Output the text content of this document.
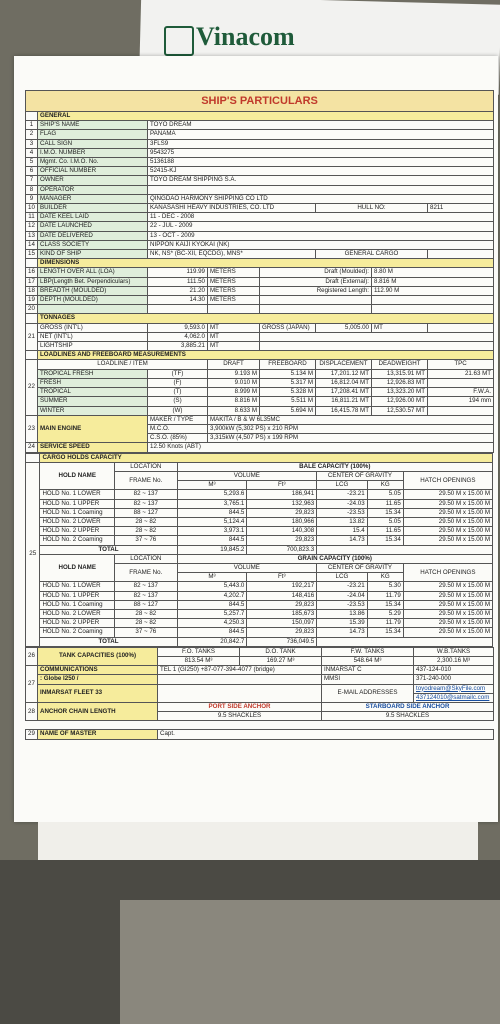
Vinacom
SHIP'S PARTICULARS							
	GENERAL						
1	SHIP'S NAME	TOYO DREAM					
2	FLAG	PANAMA					
3	CALL SIGN	3FLS9					
4	I.M.O. NUMBER	9543275					
5	Mgmt. Co. I.M.O. No.	5136188					
6	OFFICIAL NUMBER	52415-KJ					
7	OWNER	TOYO DREAM SHIPPING S.A.					
8	OPERATOR						
9	MANAGER	QINGDAO HARMONY SHIPPING CO LTD					
10	BUILDER	KANASASHI HEAVY INDUSTRIES, CO. LTD			HULL NO:		8211
11	DATE KEEL LAID	11 - DEC - 2008					
12	DATE LAUNCHED	22 - JUL - 2009					
13	DATE DELIVERED	13 - OCT - 2009					
14	CLASS SOCIETY	NIPPON KAIJI KYOKAI (NK)					
15	KIND OF SHIP	NK, NS* (BC-XII, EQCDG), MNS*			GENERAL CARGO		
	DIMENSIONS						
16	LENGTH OVER ALL (LOA)	119.99	METERS	Draft (Moulded):		8.80 M	
17	LBP(Length Bet. Perpendiculars)	111.50	METERS	Draft (External):		8.816 M	
18	BREADTH (MOULDED)	21.20	METERS	Registered Length:		112.90 M	
19	DEPTH (MOULDED)	14.30	METERS				
20							
	TONNAGES						
21	GROSS (INT'L)	9,593.0	MT	GROSS (JAPAN)	5,005.00	MT	
	NET (INT'L)	4,062.0	MT				
	LIGHTSHIP	3,885.21	MT				
	LOADLINES AND FREEBOARD MEASUREMENTS						
22	LOADLINE / ITEM		DRAFT	FREEBOARD	DISPLACEMENT	DEADWEIGHT	TPC
	TROPICAL FRESH	(TF)	9.193 M	5.134 M	17,201.12 MT	13,315.91 MT	21.63 MT
	FRESH	(F)	9.010 M	5.317 M	16,812.04 MT	12,926.83 MT	
	TROPICAL	(T)	8.999 M	5.328 M	17,208.41 MT	13,323.20 MT	F.W.A.
	SUMMER	(S)	8.816 M	5.511 M	16,811.21 MT	12,926.00 MT	194 mm
	WINTER	(W)	8.633 M	5.694 M	16,415.78 MT	12,530.57 MT	
23	MAIN ENGINE	MAKER / TYPE	MAKITA / B & W 6L35MC				
		M.C.O.	3,900kW (5,302 PS) x 210 RPM				
		C.S.O. (85%)	3,315kW (4,507 PS) x 199 RPM				
24	SERVICE SPEED	12.50 Knots (ABT)					
	CARGO HOLDS CAPACITY						
25	HOLD NAME	LOCATION	BALE CAPACITY (100%)				
		FRAME No.	VOLUME		CENTER OF GRAVITY		HATCH OPENINGS
			M³	Ft³	LCG	KG	
	HOLD No. 1 LOWER	82 ~ 137	5,293.6	186,941	-23.21	5.05	29.50 M x 15.00 M
	HOLD No. 1 UPPER	82 ~ 137	3,765.1	132,963	-24.03	11.65	29.50 M x 15.00 M
	HOLD No. 1 Coaming	88 ~ 127	844.5	29,823	-23.53	15.34	29.50 M x 15.00 M
	HOLD No. 2 LOWER	28 ~ 82	5,124.4	180,966	13.82	5.05	29.50 M x 15.00 M
	HOLD No. 2 UPPER	28 ~ 82	3,973.1	140,308	15.4	11.65	29.50 M x 15.00 M
	HOLD No. 2 Coaming	37 ~ 76	844.5	29,823	14.73	15.34	29.50 M x 15.00 M
	TOTAL		19,845.2	700,823.3			
	HOLD NAME	LOCATION	GRAIN CAPACITY (100%)				
		FRAME No.	VOLUME		CENTER OF GRAVITY		HATCH OPENINGS
			M³	Ft³	LCG	KG	
	HOLD No. 1 LOWER	82 ~ 137	5,443.0	192,217	-23.21	5.30	29.50 M x 15.00 M
	HOLD No. 1 UPPER	82 ~ 137	4,202.7	148,416	-24.04	11.79	29.50 M x 15.00 M
	HOLD No. 1 Coaming	88 ~ 127	844.5	29,823	-23.53	15.34	29.50 M x 15.00 M
	HOLD No. 2 LOWER	28 ~ 82	5,257.7	185,673	13.86	5.29	29.50 M x 15.00 M
	HOLD No. 2 UPPER	28 ~ 82	4,250.3	150,097	15.39	11.79	29.50 M x 15.00 M
	HOLD No. 2 Coaming	37 ~ 76	844.5	29,823	14.73	15.34	29.50 M x 15.00 M
	TOTAL		20,842.7	736,049.5			
26	TANK CAPACITIES (100%)	F.O. TANKS	D.O. TANK	F.W. TANKS	W.B.TANKS
		813.54 M³	169.27 M³	548.64 M³	2,300.16 M³
27	COMMUNICATIONS	TEL 1 (GI250) +87-077-394-4077 (bridge)		INMARSAT C	437-124-010
	: Globe I250 /			MMSI	371-240-000
	INMARSAT FLEET 33			E-MAIL ADDRESSES	toyodream@SkyFile.com
					437124010@satmailc.com
28	ANCHOR CHAIN LENGTH	PORT SIDE ANCHOR		STARBOARD SIDE ANCHOR	
		9.5 SHACKLES		9.5 SHACKLES	

29	NAME OF MASTER	Capt.			
